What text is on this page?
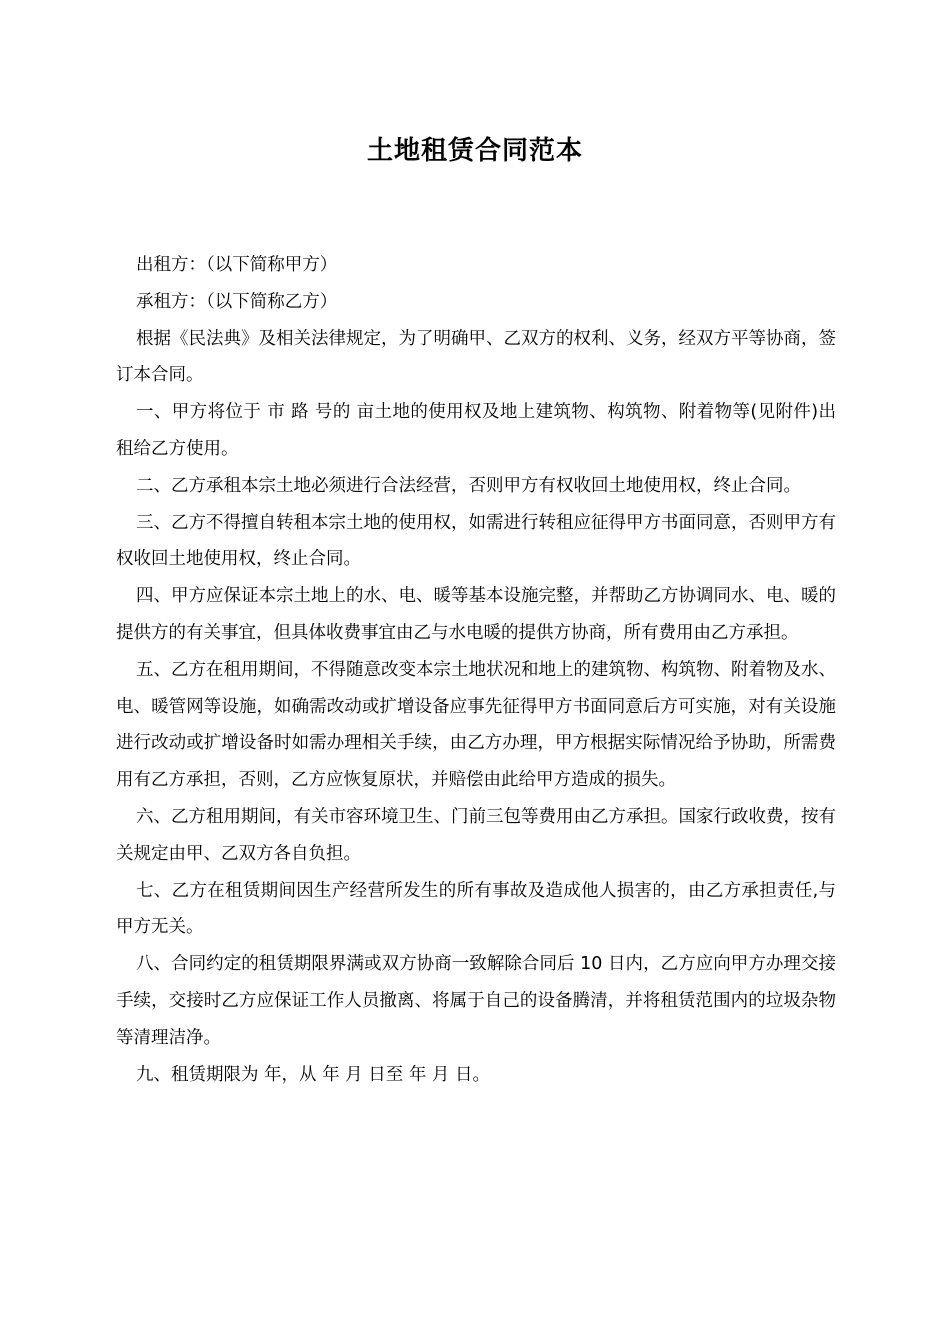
土地租赁合同范本

出租方：（以下简称甲方）

承租方：（以下简称乙方）

根据《民法典》及相关法律规定，为了明确甲、乙双方的权利、义务，经双方平等协商，签订本合同。

一、甲方将位于 市 路 号的 亩土地的使用权及地上建筑物、构筑物、附着物等(见附件)出租给乙方使用。

二、乙方承租本宗土地必须进行合法经营，否则甲方有权收回土地使用权，终止合同。

三、乙方不得擅自转租本宗土地的使用权，如需进行转租应征得甲方书面同意，否则甲方有权收回土地使用权，终止合同。

四、甲方应保证本宗土地上的水、电、暖等基本设施完整，并帮助乙方协调同水、电、暖的提供方的有关事宜，但具体收费事宜由乙与水电暖的提供方协商，所有费用由乙方承担。

五、乙方在租用期间，不得随意改变本宗土地状况和地上的建筑物、构筑物、附着物及水、电、暖管网等设施，如确需改动或扩增设备应事先征得甲方书面同意后方可实施，对有关设施进行改动或扩增设备时如需办理相关手续，由乙方办理，甲方根据实际情况给予协助，所需费用有乙方承担，否则，乙方应恢复原状，并赔偿由此给甲方造成的损失。

六、乙方租用期间，有关市容环境卫生、门前三包等费用由乙方承担。国家行政收费，按有关规定由甲、乙双方各自负担。

七、乙方在租赁期间因生产经营所发生的所有事故及造成他人损害的，由乙方承担责任,与甲方无关。

八、合同约定的租赁期限界满或双方协商一致解除合同后 10 日内，乙方应向甲方办理交接手续，交接时乙方应保证工作人员撤离、将属于自己的设备腾清，并将租赁范围内的垃圾杂物等清理洁净。

九、租赁期限为 年，从 年 月 日至 年 月 日。
